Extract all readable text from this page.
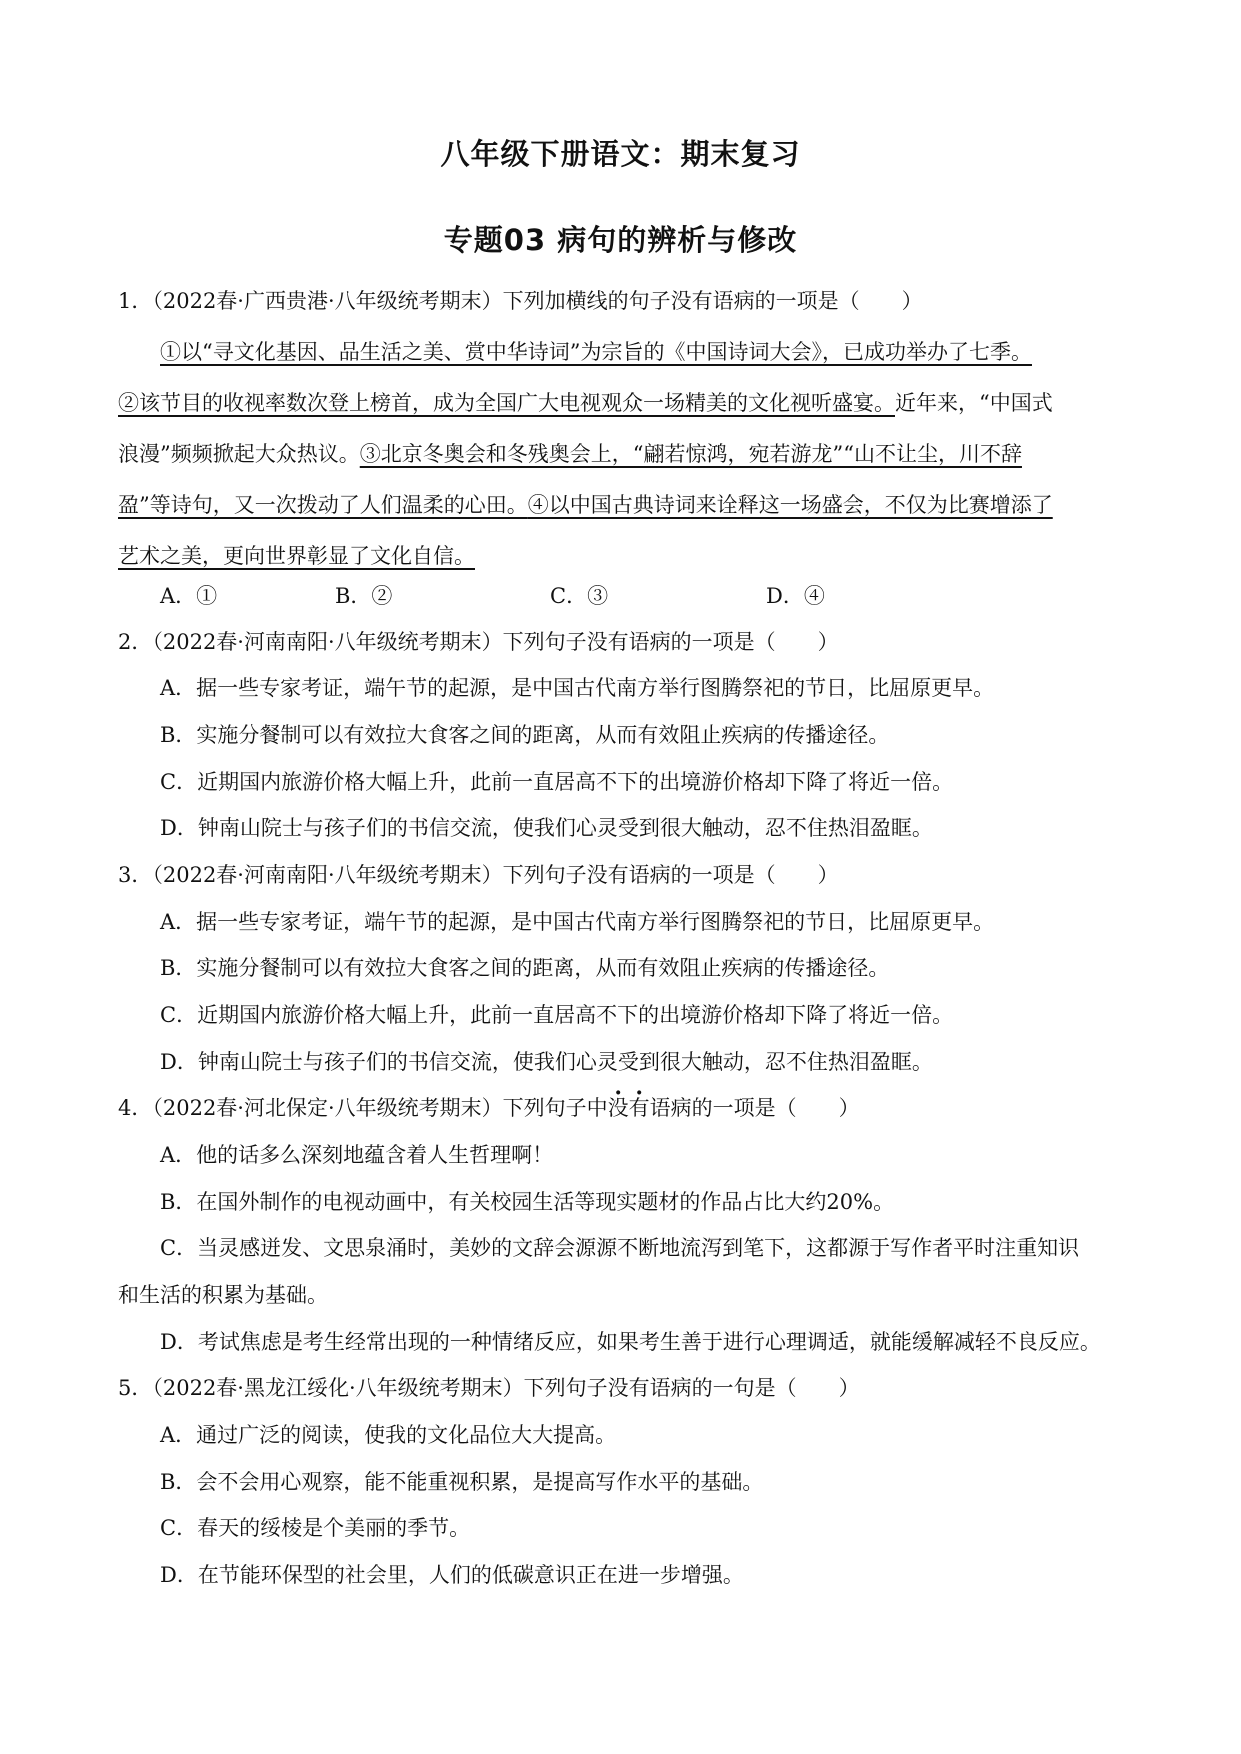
八年级下册语文：期末复习
专题03 病句的辨析与修改
1．（2022春·广西贵港·八年级统考期末）下列加横线的句子没有语病的一项是（　　）
①以“寻文化基因、品生活之美、赏中华诗词”为宗旨的《中国诗词大会》，已成功举办了七季。
②该节目的收视率数次登上榜首，成为全国广大电视观众一场精美的文化视听盛宴。近年来，“中国式
浪漫”频频掀起大众热议。③北京冬奥会和冬残奥会上，“翩若惊鸿，宛若游龙”“山不让尘，川不辞
盈”等诗句，又一次拨动了人们温柔的心田。④以中国古典诗词来诠释这一场盛会，不仅为比赛增添了
艺术之美，更向世界彰显了文化自信。
A．①	B．②	C．③	D．④
2．（2022春·河南南阳·八年级统考期末）下列句子没有语病的一项是（　　）
A．据一些专家考证，端午节的起源，是中国古代南方举行图腾祭祀的节日，比屈原更早。
B．实施分餐制可以有效拉大食客之间的距离，从而有效阻止疾病的传播途径。
C．近期国内旅游价格大幅上升，此前一直居高不下的出境游价格却下降了将近一倍。
D．钟南山院士与孩子们的书信交流，使我们心灵受到很大触动，忍不住热泪盈眶。
3．（2022春·河南南阳·八年级统考期末）下列句子没有语病的一项是（　　）
A．据一些专家考证，端午节的起源，是中国古代南方举行图腾祭祀的节日，比屈原更早。
B．实施分餐制可以有效拉大食客之间的距离，从而有效阻止疾病的传播途径。
C．近期国内旅游价格大幅上升，此前一直居高不下的出境游价格却下降了将近一倍。
D．钟南山院士与孩子们的书信交流，使我们心灵受到很大触动，忍不住热泪盈眶。
4．（2022春·河北保定·八年级统考期末）下列句子中没有语病的一项是（　　）
A．他的话多么深刻地蕴含着人生哲理啊！
B．在国外制作的电视动画中，有关校园生活等现实题材的作品占比大约20%。
C．当灵感迸发、文思泉涌时，美妙的文辞会源源不断地流泻到笔下，这都源于写作者平时注重知识
和生活的积累为基础。
D．考试焦虑是考生经常出现的一种情绪反应，如果考生善于进行心理调适，就能缓解减轻不良反应。
5．（2022春·黑龙江绥化·八年级统考期末）下列句子没有语病的一句是（　　）
A．通过广泛的阅读，使我的文化品位大大提高。
B．会不会用心观察，能不能重视积累，是提高写作水平的基础。
C．春天的绥棱是个美丽的季节。
D．在节能环保型的社会里，人们的低碳意识正在进一步增强。
